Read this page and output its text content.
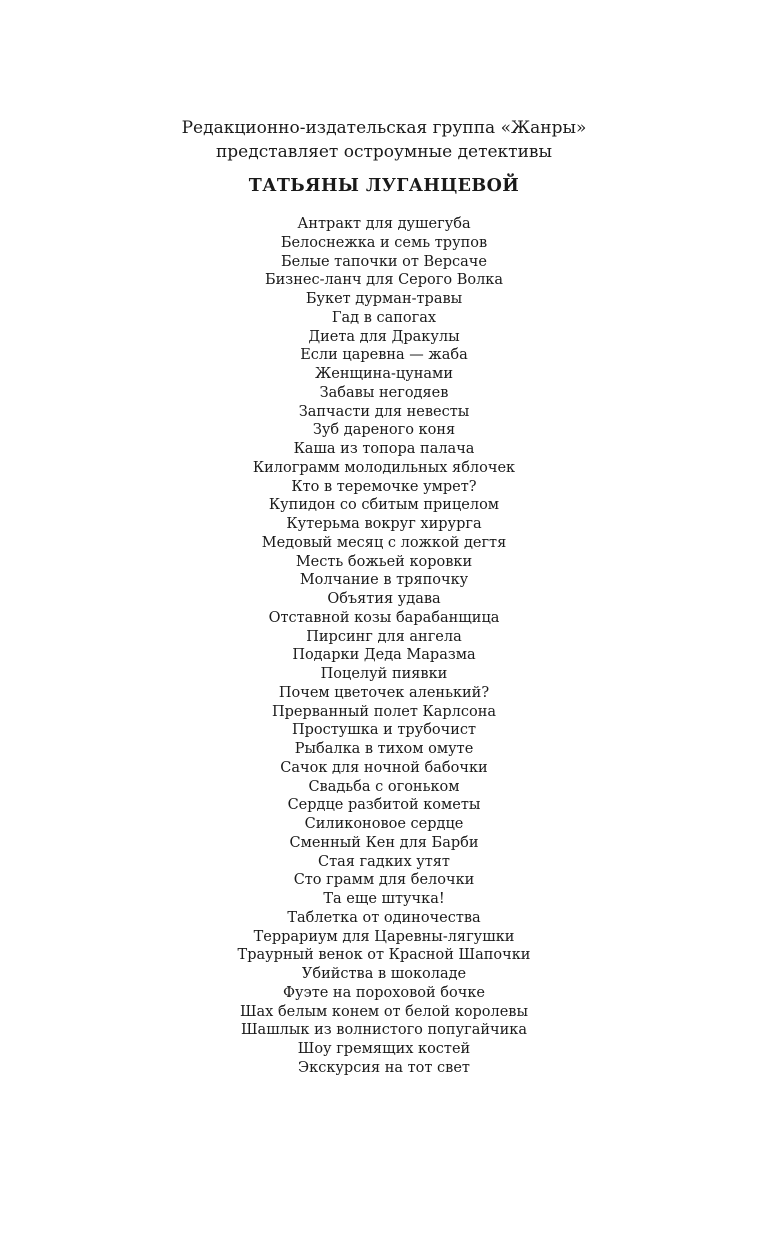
Редакционно-издательская группа «Жанры»
представляет остроумные детективы
ТАТЬЯНЫ ЛУГАНЦЕВОЙ
Антракт для душегуба
Белоснежка и семь трупов
Белые тапочки от Версаче
Бизнес-ланч для Серого Волка
Букет дурман-травы
Гад в сапогах
Диета для Дракулы
Если царевна — жаба
Женщина-цунами
Забавы негодяев
Запчасти для невесты
Зуб дареного коня
Каша из топора палача
Килограмм молодильных яблочек
Кто в теремочке умрет?
Купидон со сбитым прицелом
Кутерьма вокруг хирурга
Медовый месяц с ложкой дегтя
Месть божьей коровки
Молчание в тряпочку
Объятия удава
Отставной козы барабанщица
Пирсинг для ангела
Подарки Деда Маразма
Поцелуй пиявки
Почем цветочек аленький?
Прерванный полет Карлсона
Простушка и трубочист
Рыбалка в тихом омуте
Сачок для ночной бабочки
Свадьба с огоньком
Сердце разбитой кометы
Силиконовое сердце
Сменный Кен для Барби
Стая гадких утят
Сто грамм для белочки
Та еще штучка!
Таблетка от одиночества
Террариум для Царевны-лягушки
Траурный венок от Красной Шапочки
Убийства в шоколаде
Фуэте на пороховой бочке
Шах белым конем от белой королевы
Шашлык из волнистого попугайчика
Шоу гремящих костей
Экскурсия на тот свет
